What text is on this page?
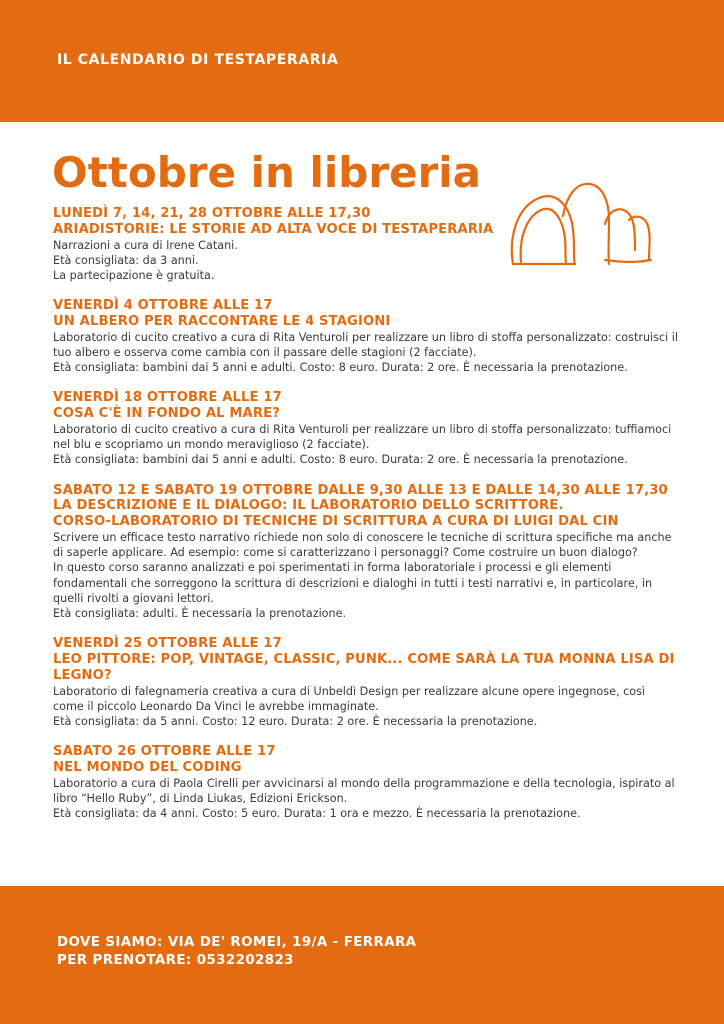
IL CALENDARIO DI TESTAPERARIA
Ottobre in libreria
LUNEDÌ 7, 14, 21, 28 OTTOBRE ALLE 17,30
ARIADISTORIE: LE STORIE AD ALTA VOCE DI TESTAPERARIA
Narrazioni a cura di Irene Catani.
Età consigliata: da 3 anni.
La partecipazione è gratuita.
VENERDÌ 4 OTTOBRE ALLE 17
UN ALBERO PER RACCONTARE LE 4 STAGIONI
Laboratorio di cucito creativo a cura di Rita Venturoli per realizzare un libro di stoffa personalizzato: costruisci il tuo albero e osserva come cambia con il passare delle stagioni (2 facciate).
Età consigliata: bambini dai 5 anni e adulti. Costo: 8 euro. Durata: 2 ore. È necessaria la prenotazione.
VENERDÌ 18 OTTOBRE ALLE 17
COSA C'È IN FONDO AL MARE?
Laboratorio di cucito creativo a cura di Rita Venturoli per realizzare un libro di stoffa personalizzato: tuffiamoci nel blu e scopriamo un mondo meraviglioso (2 facciate).
Età consigliata: bambini dai 5 anni e adulti. Costo: 8 euro. Durata: 2 ore. È necessaria la prenotazione.
SABATO 12 E SABATO 19 OTTOBRE DALLE 9,30 ALLE 13 E DALLE 14,30 ALLE 17,30
LA DESCRIZIONE E IL DIALOGO: IL LABORATORIO DELLO SCRITTORE.
CORSO-LABORATORIO DI TECNICHE DI SCRITTURA A CURA DI LUIGI DAL CIN
Scrivere un efficace testo narrativo richiede non solo di conoscere le tecniche di scrittura specifiche ma anche di saperle applicare. Ad esempio: come si caratterizzano i personaggi? Come costruire un buon dialogo?
In questo corso saranno analizzati e poi sperimentati in forma laboratoriale i processi e gli elementi fondamentali che sorreggono la scrittura di descrizioni e dialoghi in tutti i testi narrativi e, in particolare, in quelli rivolti a giovani lettori.
Età consigliata: adulti. È necessaria la prenotazione.
VENERDÌ 25 OTTOBRE ALLE 17
LEO PITTORE: POP, VINTAGE, CLASSIC, PUNK... COME SARÀ LA TUA MONNA LISA DI LEGNO?
Laboratorio di falegnameria creativa a cura di Unbeldì Design per realizzare alcune opere ingegnose, così come il piccolo Leonardo Da Vinci le avrebbe immaginate.
Età consigliata: da 5 anni. Costo: 12 euro. Durata: 2 ore. È necessaria la prenotazione.
SABATO 26 OTTOBRE ALLE 17
NEL MONDO DEL CODING
Laboratorio a cura di Paola Cirelli per avvicinarsi al mondo della programmazione e della tecnologia, ispirato al libro “Hello Ruby”, di Linda Liukas, Edizioni Erickson.
Età consigliata: da 4 anni. Costo: 5 euro. Durata: 1 ora e mezzo. È necessaria la prenotazione.
DOVE SIAMO: VIA DE' ROMEI, 19/A - FERRARA
PER PRENOTARE: 0532202823
